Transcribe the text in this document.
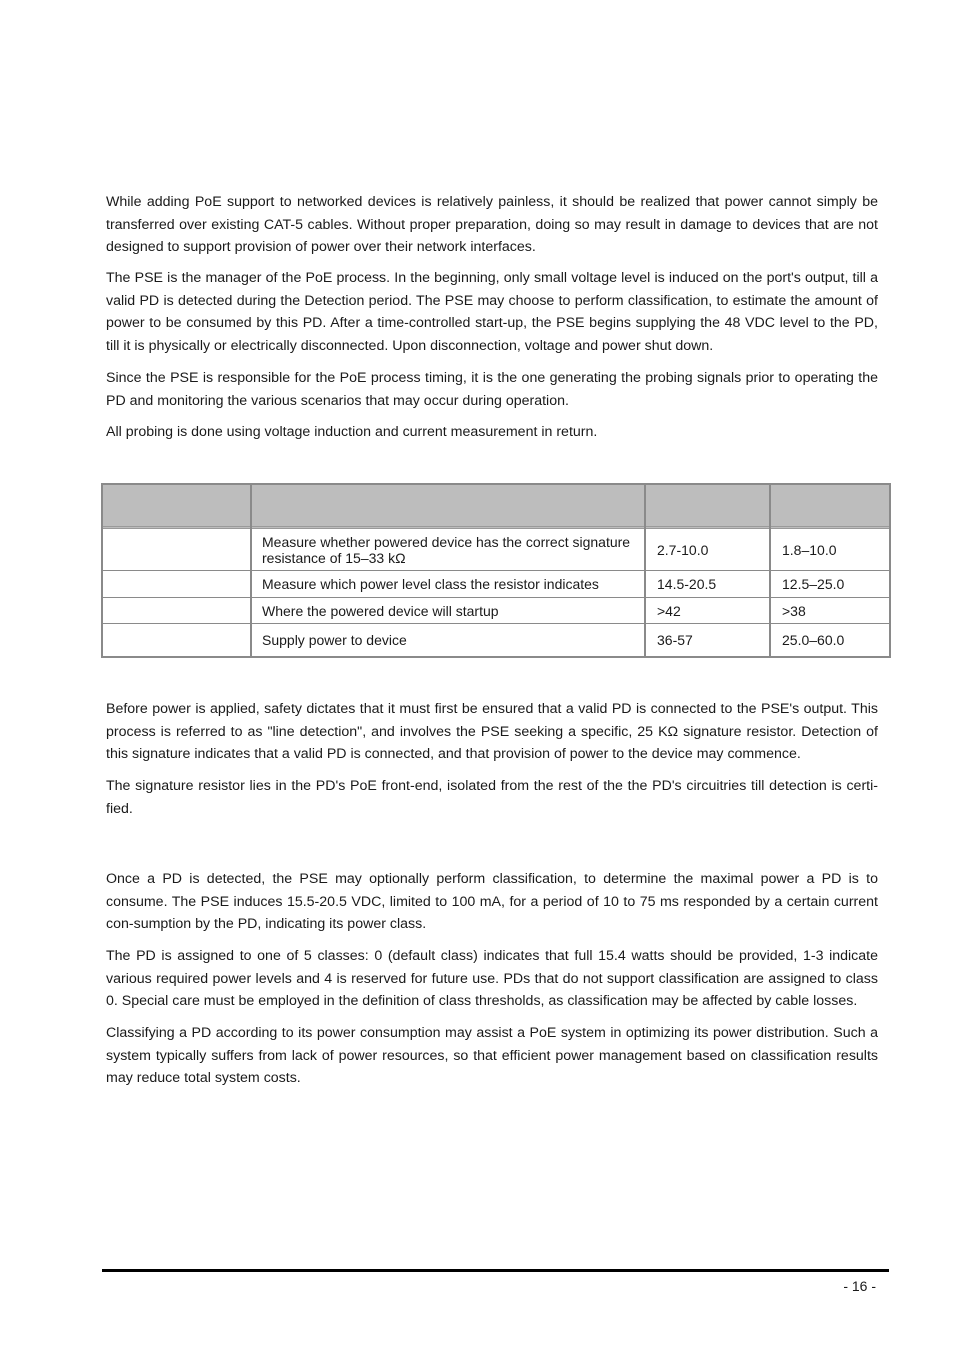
While adding PoE support to networked devices is relatively painless, it should be realized that power cannot simply be transferred over existing CAT-5 cables. Without proper preparation, doing so may result in damage to devices that are not designed to support provision of power over their network interfaces.

The PSE is the manager of the PoE process. In the beginning, only small voltage level is induced on the port's output, till a valid PD is detected during the Detection period. The PSE may choose to perform classification, to estimate the amount of power to be consumed by this PD. After a time-controlled start-up, the PSE begins supplying the 48 VDC level to the PD, till it is physically or electrically disconnected. Upon disconnection, voltage and power shut down.

Since the PSE is responsible for the PoE process timing, it is the one generating the probing signals prior to operating the PD and monitoring the various scenarios that may occur during operation.

All probing is done using voltage induction and current measurement in return.

Measure whether powered device has the correct signature resistance of 15–33 kΩ	2.7-10.0	1.8–10.0
Measure which power level class the resistor indicates	14.5-20.5	12.5–25.0
Where the powered device will startup	>42	>38
Supply power to device	36-57	25.0–60.0

Before power is applied, safety dictates that it must first be ensured that a valid PD is connected to the PSE's output. This process is referred to as "line detection", and involves the PSE seeking a specific, 25 KΩ signature resistor. Detection of this signature indicates that a valid PD is connected, and that provision of power to the device may commence.

The signature resistor lies in the PD's PoE front-end, isolated from the rest of the the PD's circuitries till detection is certi-fied.

Once a PD is detected, the PSE may optionally perform classification, to determine the maximal power a PD is to consume. The PSE induces 15.5-20.5 VDC, limited to 100 mA, for a period of 10 to 75 ms responded by a certain current con-sumption by the PD, indicating its power class.

The PD is assigned to one of 5 classes: 0 (default class) indicates that full 15.4 watts should be provided, 1-3 indicate various required power levels and 4 is reserved for future use. PDs that do not support classification are assigned to class 0. Special care must be employed in the definition of class thresholds, as classification may be affected by cable losses.

Classifying a PD according to its power consumption may assist a PoE system in optimizing its power distribution. Such a system typically suffers from lack of power resources, so that efficient power management based on classification results may reduce total system costs.

- 16 -
